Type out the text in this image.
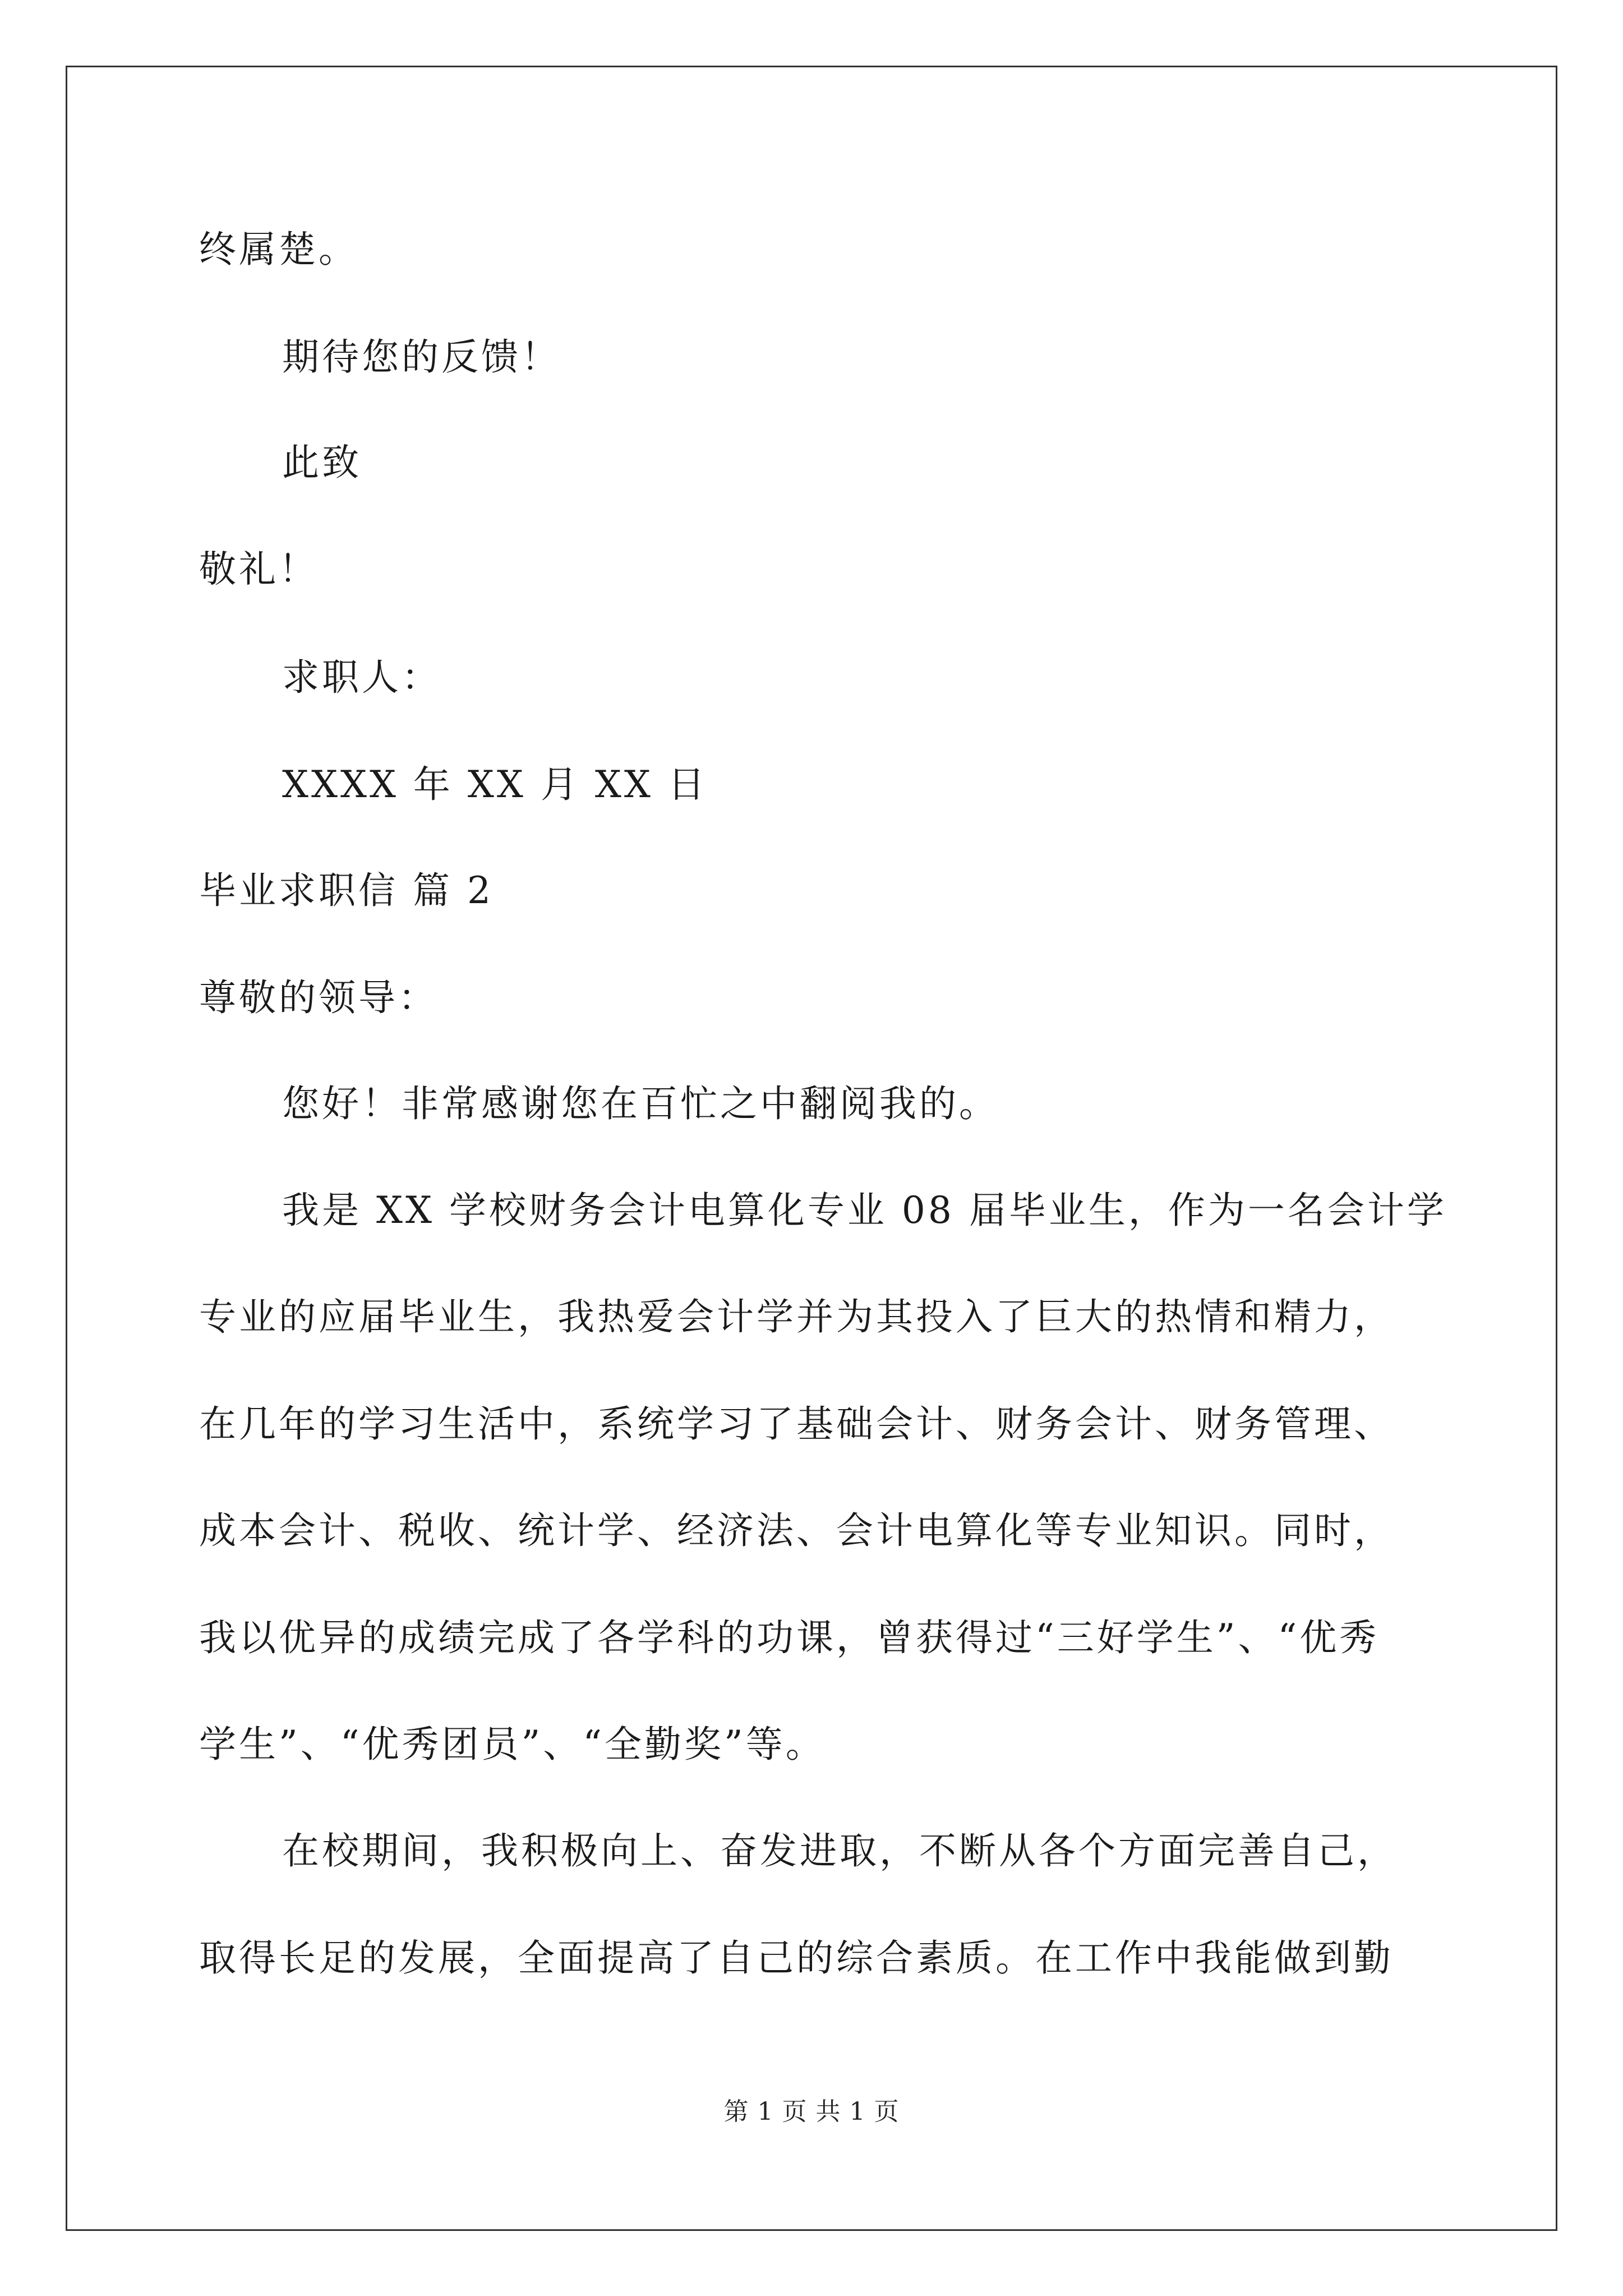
终属楚。
期待您的反馈！
此致
敬礼！
求职人：
XXXX 年 XX 月 XX 日
毕业求职信 篇 2
尊敬的领导：
您好！非常感谢您在百忙之中翻阅我的。
我是 XX 学校财务会计电算化专业 08 届毕业生，作为一名会计学
专业的应届毕业生，我热爱会计学并为其投入了巨大的热情和精力，
在几年的学习生活中，系统学习了基础会计、财务会计、财务管理、
成本会计、税收、统计学、经济法、会计电算化等专业知识。同时，
我以优异的成绩完成了各学科的功课，曾获得过“三好学生”、“优秀
学生”、“优秀团员”、“全勤奖”等。
在校期间，我积极向上、奋发进取，不断从各个方面完善自己，
取得长足的发展，全面提高了自己的综合素质。在工作中我能做到勤
第 1 页 共 1 页
